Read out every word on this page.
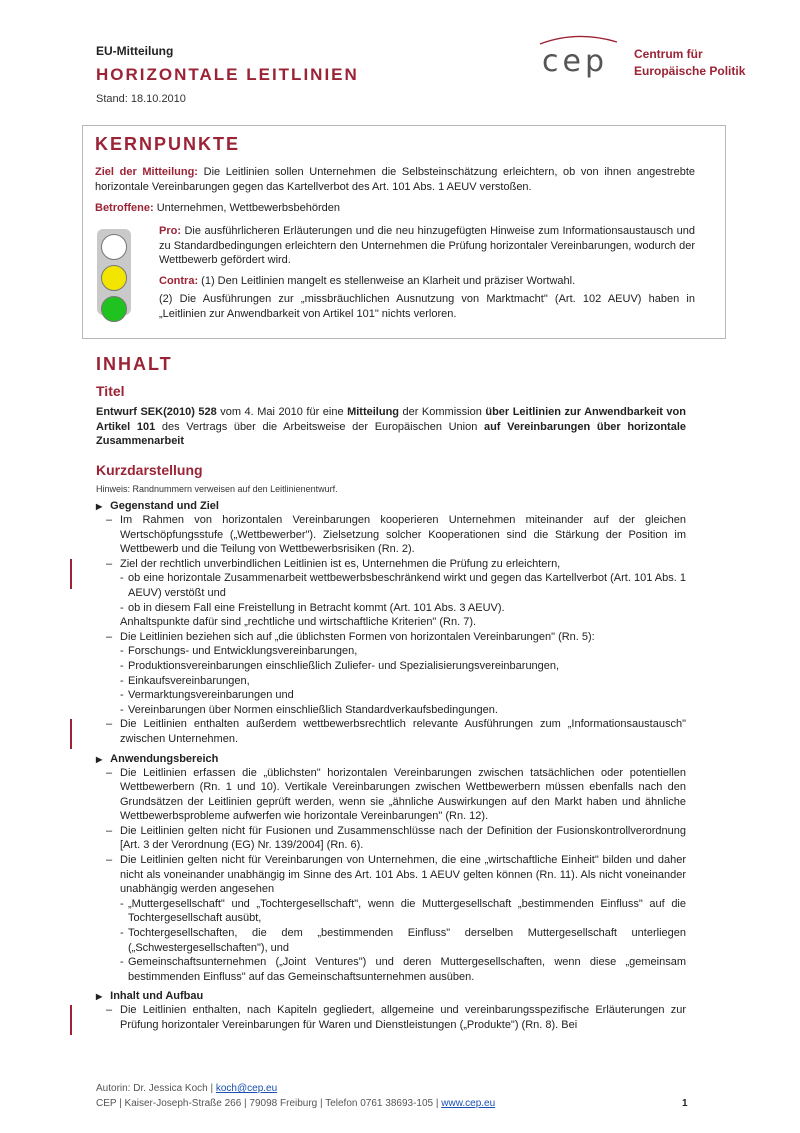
EU-Mitteilung
HORIZONTALE LEITLINIEN
Stand: 18.10.2010
cep Centrum für
Europäische Politik
KERNPUNKTE
Ziel der Mitteilung: Die Leitlinien sollen Unternehmen die Selbsteinschätzung erleichtern, ob von ihnen angestrebte horizontale Vereinbarungen gegen das Kartellverbot des Art. 101 Abs. 1 AEUV verstoßen.
Betroffene: Unternehmen, Wettbewerbsbehörden
Pro: Die ausführlicheren Erläuterungen und die neu hinzugefügten Hinweise zum Informationsaustausch und zu Standardbedingungen erleichtern den Unternehmen die Prüfung horizontaler Vereinbarungen, wodurch der Wettbewerb gefördert wird.
Contra: (1) Den Leitlinien mangelt es stellenweise an Klarheit und präziser Wortwahl.
(2) Die Ausführungen zur „missbräuchlichen Ausnutzung von Marktmacht" (Art. 102 AEUV) haben in „Leitlinien zur Anwendbarkeit von Artikel 101" nichts verloren.
INHALT
Titel
Entwurf SEK(2010) 528 vom 4. Mai 2010 für eine Mitteilung der Kommission über Leitlinien zur Anwendbarkeit von Artikel 101 des Vertrags über die Arbeitsweise der Europäischen Union auf Vereinbarungen über horizontale Zusammenarbeit
Kurzdarstellung
Hinweis: Randnummern verweisen auf den Leitlinienentwurf.
▶ Gegenstand und Ziel
– Im Rahmen von horizontalen Vereinbarungen kooperieren Unternehmen miteinander auf der gleichen Wertschöpfungsstufe („Wettbewerber"). Zielsetzung solcher Kooperationen sind die Stärkung der Position im Wettbewerb und die Teilung von Wettbewerbsrisiken (Rn. 2).
– Ziel der rechtlich unverbindlichen Leitlinien ist es, Unternehmen die Prüfung zu erleichtern,
- ob eine horizontale Zusammenarbeit wettbewerbsbeschränkend wirkt und gegen das Kartellverbot (Art. 101 Abs. 1 AEUV) verstößt und
- ob in diesem Fall eine Freistellung in Betracht kommt (Art. 101 Abs. 3 AEUV).
Anhaltspunkte dafür sind „rechtliche und wirtschaftliche Kriterien" (Rn. 7).
– Die Leitlinien beziehen sich auf „die üblichsten Formen von horizontalen Vereinbarungen" (Rn. 5):
- Forschungs- und Entwicklungsvereinbarungen,
- Produktionsvereinbarungen einschließlich Zuliefer- und Spezialisierungsvereinbarungen,
- Einkaufsvereinbarungen,
- Vermarktungsvereinbarungen und
- Vereinbarungen über Normen einschließlich Standardverkaufsbedingungen.
– Die Leitlinien enthalten außerdem wettbewerbsrechtlich relevante Ausführungen zum „Informationsaustausch" zwischen Unternehmen.
▶ Anwendungsbereich
– Die Leitlinien erfassen die „üblichsten" horizontalen Vereinbarungen zwischen tatsächlichen oder potentiellen Wettbewerbern (Rn. 1 und 10). Vertikale Vereinbarungen zwischen Wettbewerbern müssen ebenfalls nach den Grundsätzen der Leitlinien geprüft werden, wenn sie „ähnliche Auswirkungen auf den Markt haben und ähnliche Wettbewerbsprobleme aufwerfen wie horizontale Vereinbarungen" (Rn. 12).
– Die Leitlinien gelten nicht für Fusionen und Zusammenschlüsse nach der Definition der Fusionskontrollverordnung [Art. 3 der Verordnung (EG) Nr. 139/2004] (Rn. 6).
– Die Leitlinien gelten nicht für Vereinbarungen von Unternehmen, die eine „wirtschaftliche Einheit" bilden und daher nicht als voneinander unabhängig im Sinne des Art. 101 Abs. 1 AEUV gelten können (Rn. 11). Als nicht voneinander unabhängig werden angesehen
- „Muttergesellschaft" und „Tochtergesellschaft", wenn die Muttergesellschaft „bestimmenden Einfluss" auf die Tochtergesellschaft ausübt,
- Tochtergesellschaften, die dem „bestimmenden Einfluss" derselben Muttergesellschaft unterliegen („Schwestergesellschaften"), und
- Gemeinschaftsunternehmen („Joint Ventures") und deren Muttergesellschaften, wenn diese „gemeinsam bestimmenden Einfluss" auf das Gemeinschaftsunternehmen ausüben.
▶ Inhalt und Aufbau
– Die Leitlinien enthalten, nach Kapiteln gegliedert, allgemeine und vereinbarungsspezifische Erläuterungen zur Prüfung horizontaler Vereinbarungen für Waren und Dienstleistungen („Produkte") (Rn. 8). Bei
Autorin: Dr. Jessica Koch | koch@cep.eu
CEP | Kaiser-Joseph-Straße 266 | 79098 Freiburg | Telefon 0761 38693-105 | www.cep.eu	1
